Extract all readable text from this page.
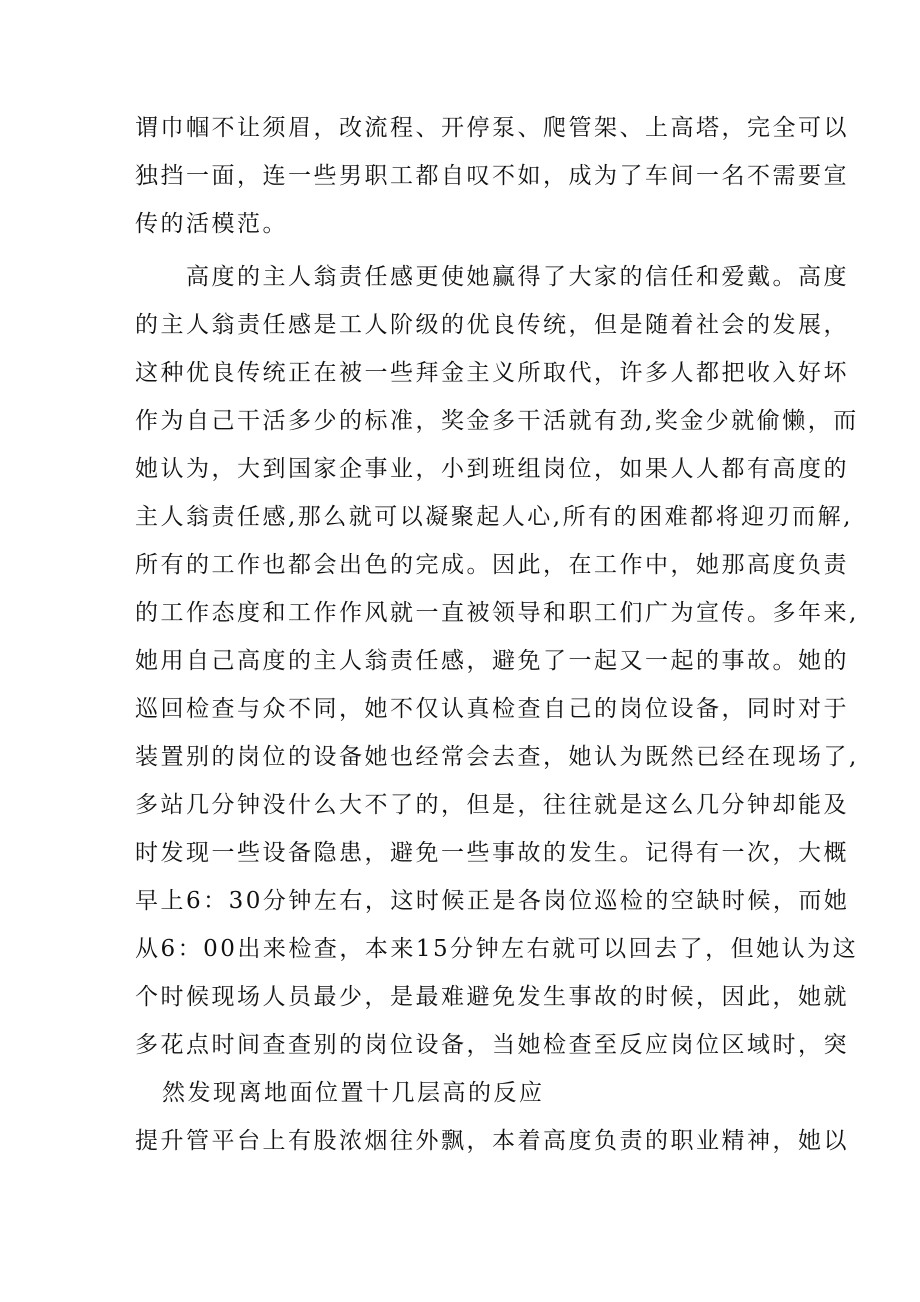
谓巾帼不让须眉，改流程、开停泵、爬管架、上高塔，完全可以
独挡一面，连一些男职工都自叹不如，成为了车间一名不需要宣
传的活模范。
高度的主人翁责任感更使她赢得了大家的信任和爱戴。高度
的主人翁责任感是工人阶级的优良传统，但是随着社会的发展，
这种优良传统正在被一些拜金主义所取代，许多人都把收入好坏
作为自己干活多少的标准，奖金多干活就有劲,奖金少就偷懒，而
她认为，大到国家企事业，小到班组岗位，如果人人都有高度的
主人翁责任感,那么就可以凝聚起人心,所有的困难都将迎刃而解,
所有的工作也都会出色的完成。因此，在工作中，她那高度负责
的工作态度和工作作风就一直被领导和职工们广为宣传。多年来,
她用自己高度的主人翁责任感，避免了一起又一起的事故。她的
巡回检查与众不同，她不仅认真检查自己的岗位设备，同时对于
装置别的岗位的设备她也经常会去查，她认为既然已经在现场了,
多站几分钟没什么大不了的，但是，往往就是这么几分钟却能及
时发现一些设备隐患，避免一些事故的发生。记得有一次，大概
早上6：30分钟左右，这时候正是各岗位巡检的空缺时候，而她
从6：00出来检查，本来15分钟左右就可以回去了，但她认为这
个时候现场人员最少，是最难避免发生事故的时候，因此，她就
多花点时间查查别的岗位设备，当她检查至反应岗位区域时，突
然发现离地面位置十几层高的反应
提升管平台上有股浓烟往外飘，本着高度负责的职业精神，她以
